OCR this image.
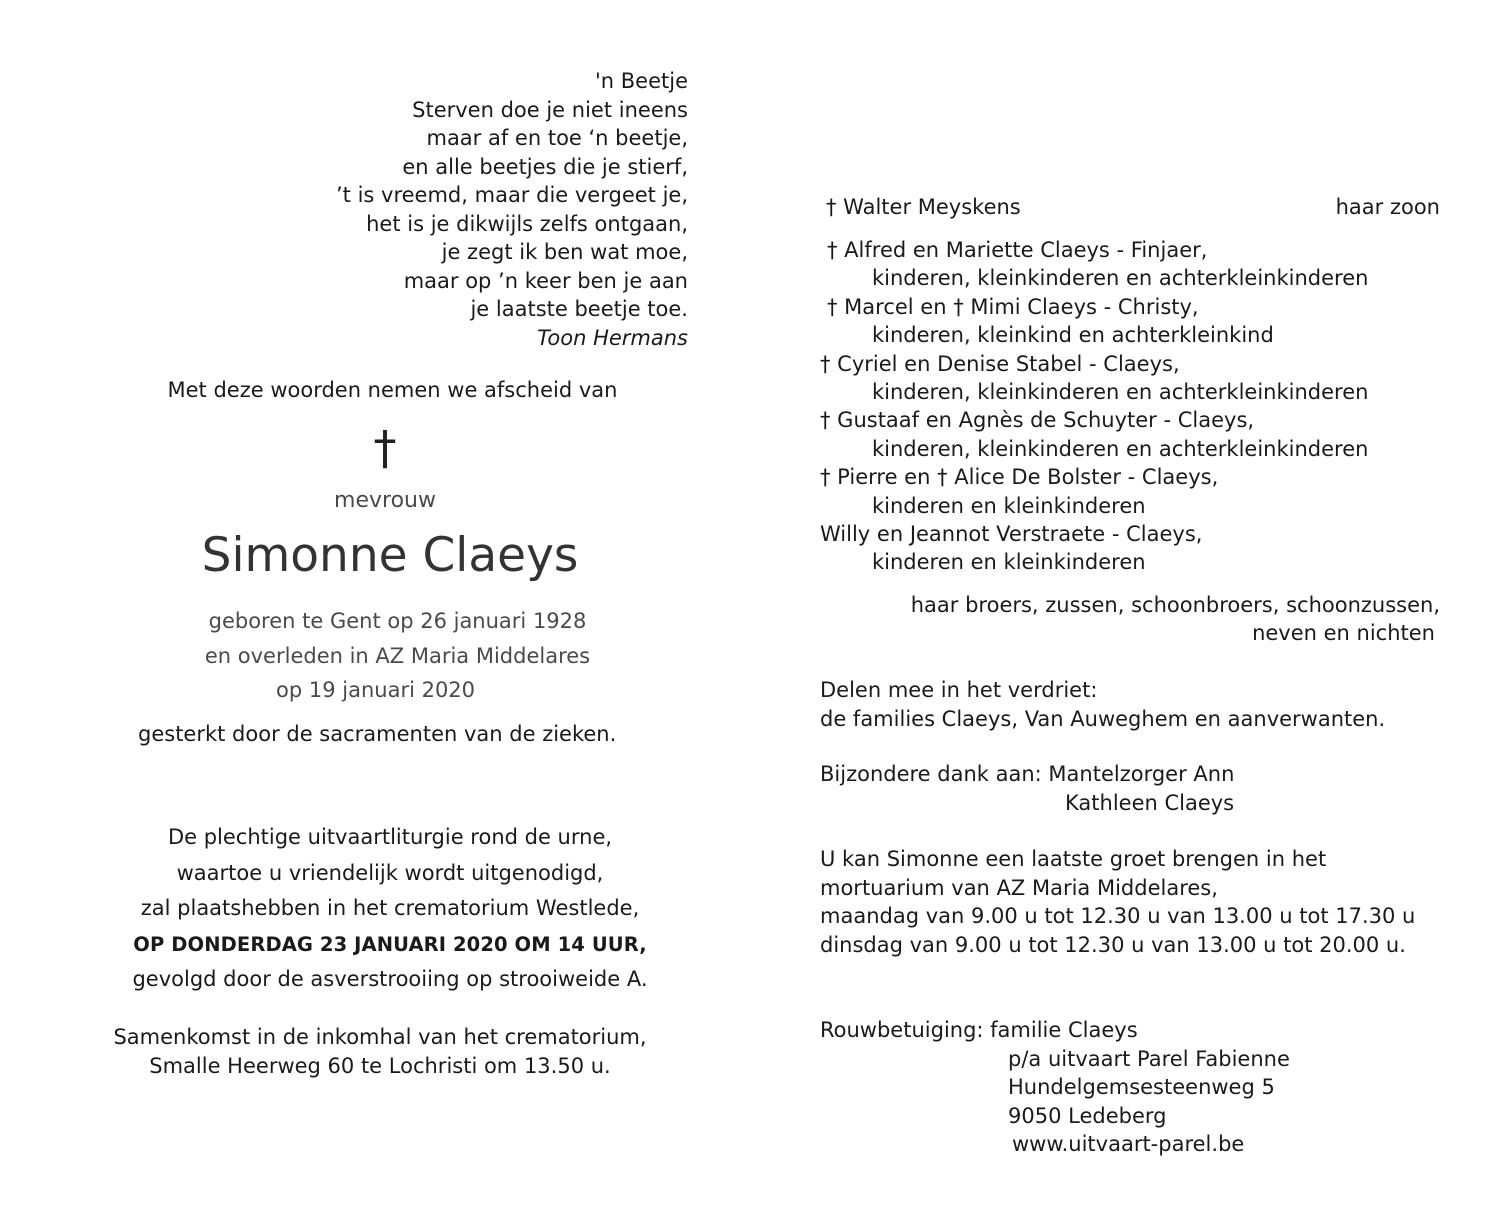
'n Beetje
Sterven doe je niet ineens
maar af en toe ‘n beetje,
en alle beetjes die je stierf,
’t is vreemd, maar die vergeet je,
het is je dikwijls zelfs ontgaan,
je zegt ik ben wat moe,
maar op ’n keer ben je aan
je laatste beetje toe.
Toon Hermans
Met deze woorden nemen we afscheid van
†
mevrouw
Simonne Claeys
geboren te Gent op 26 januari 1928
en overleden in AZ Maria Middelares
op 19 januari 2020
gesterkt door de sacramenten van de zieken.
De plechtige uitvaartliturgie rond de urne,
waartoe u vriendelijk wordt uitgenodigd,
zal plaatshebben in het crematorium Westlede,
OP DONDERDAG 23 JANUARI 2020 OM 14 UUR,
gevolgd door de asverstrooiing op strooiweide A.
Samenkomst in de inkomhal van het crematorium,
Smalle Heerweg 60 te Lochristi om 13.50 u.
† Walter Meyskens	haar zoon
† Alfred en Mariette Claeys - Finjaer,
kinderen, kleinkinderen en achterkleinkinderen
† Marcel en † Mimi Claeys - Christy,
kinderen, kleinkind en achterkleinkind
† Cyriel en Denise Stabel - Claeys,
kinderen, kleinkinderen en achterkleinkinderen
† Gustaaf en Agnès de Schuyter - Claeys,
kinderen, kleinkinderen en achterkleinkinderen
† Pierre en † Alice De Bolster - Claeys,
kinderen en kleinkinderen
Willy en Jeannot Verstraete - Claeys,
kinderen en kleinkinderen
haar broers, zussen, schoonbroers, schoonzussen,
neven en nichten
Delen mee in het verdriet:
de families Claeys, Van Auweghem en aanverwanten.
Bijzondere dank aan: Mantelzorger Ann
Kathleen Claeys
U kan Simonne een laatste groet brengen in het
mortuarium van AZ Maria Middelares,
maandag van 9.00 u tot 12.30 u van 13.00 u tot 17.30 u
dinsdag van 9.00 u tot 12.30 u van 13.00 u tot 20.00 u.
Rouwbetuiging: familie Claeys
p/a uitvaart Parel Fabienne
Hundelgemsesteenweg 5
9050 Ledeberg
www.uitvaart-parel.be
